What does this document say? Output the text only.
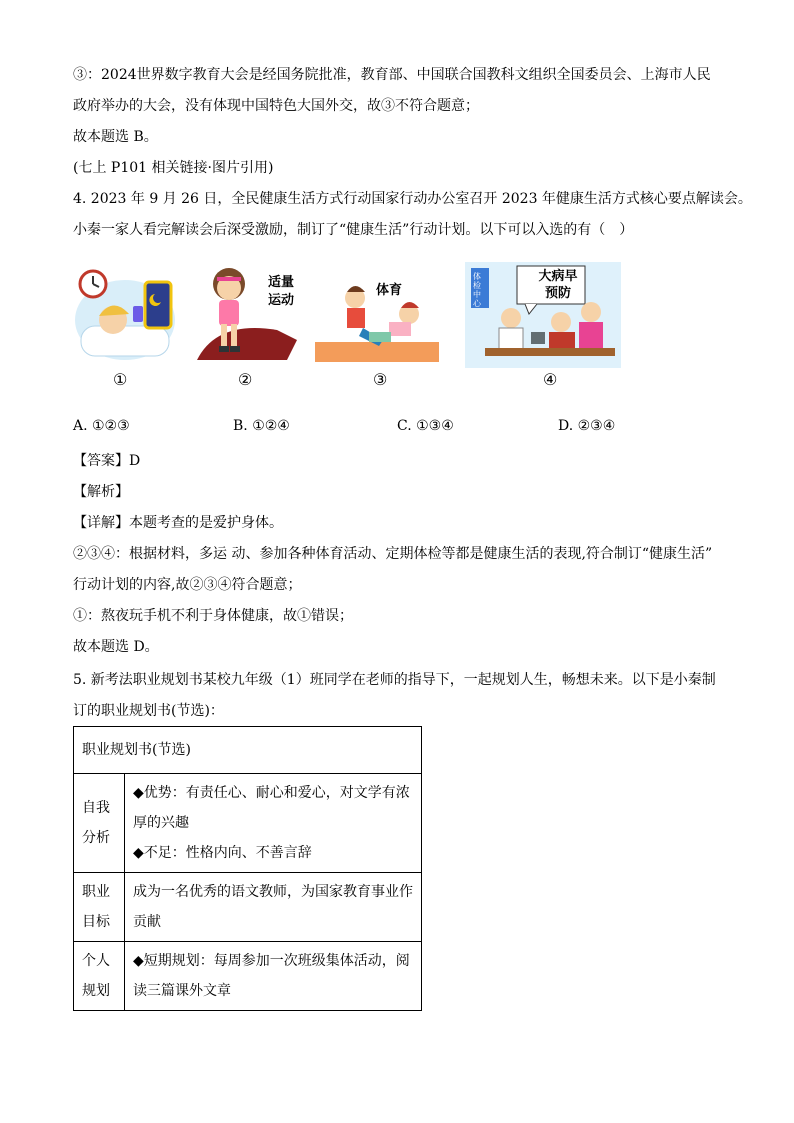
③：2024世界数字教育大会是经国务院批准，教育部、中国联合国教科文组织全国委员会、上海市人民
政府举办的大会，没有体现中国特色大国外交，故③不符合题意；
故本题选 B。
(七上 P101 相关链接·图片引用)
4. 2023 年 9 月 26 日，全民健康生活方式行动国家行动办公室召开 2023 年健康生活方式核心要点解读会。
小秦一家人看完解读会后深受激励，制订了“健康生活”行动计划。以下可以入选的有（　）
①
适量
运动
②
体育
③
体检中心
大病早
预防
④
A. ①②③	B. ①②④	C. ①③④	D. ②③④
【答案】D
【解析】
【详解】本题考查的是爱护身体。
②③④：根据材料，多运 动、参加各种体育活动、定期体检等都是健康生活的表现,符合制订“健康生活”
行动计划的内容,故②③④符合题意；
①：熬夜玩手机不利于身体健康，故①错误；
故本题选 D。
5. 新考法职业规划书某校九年级（1）班同学在老师的指导下，一起规划人生，畅想未来。以下是小秦制
订的职业规划书(节选)：
职业规划书(节选)	

自我
分析	◆优势：有责任心、耐心和爱心，对文学有浓
厚的兴趣
◆不足：性格内向、不善言辞

职业
目标	成为一名优秀的语文教师，为国家教育事业作
贡献

个人
规划	◆短期规划：每周参加一次班级集体活动，阅
读三篇课外文章
